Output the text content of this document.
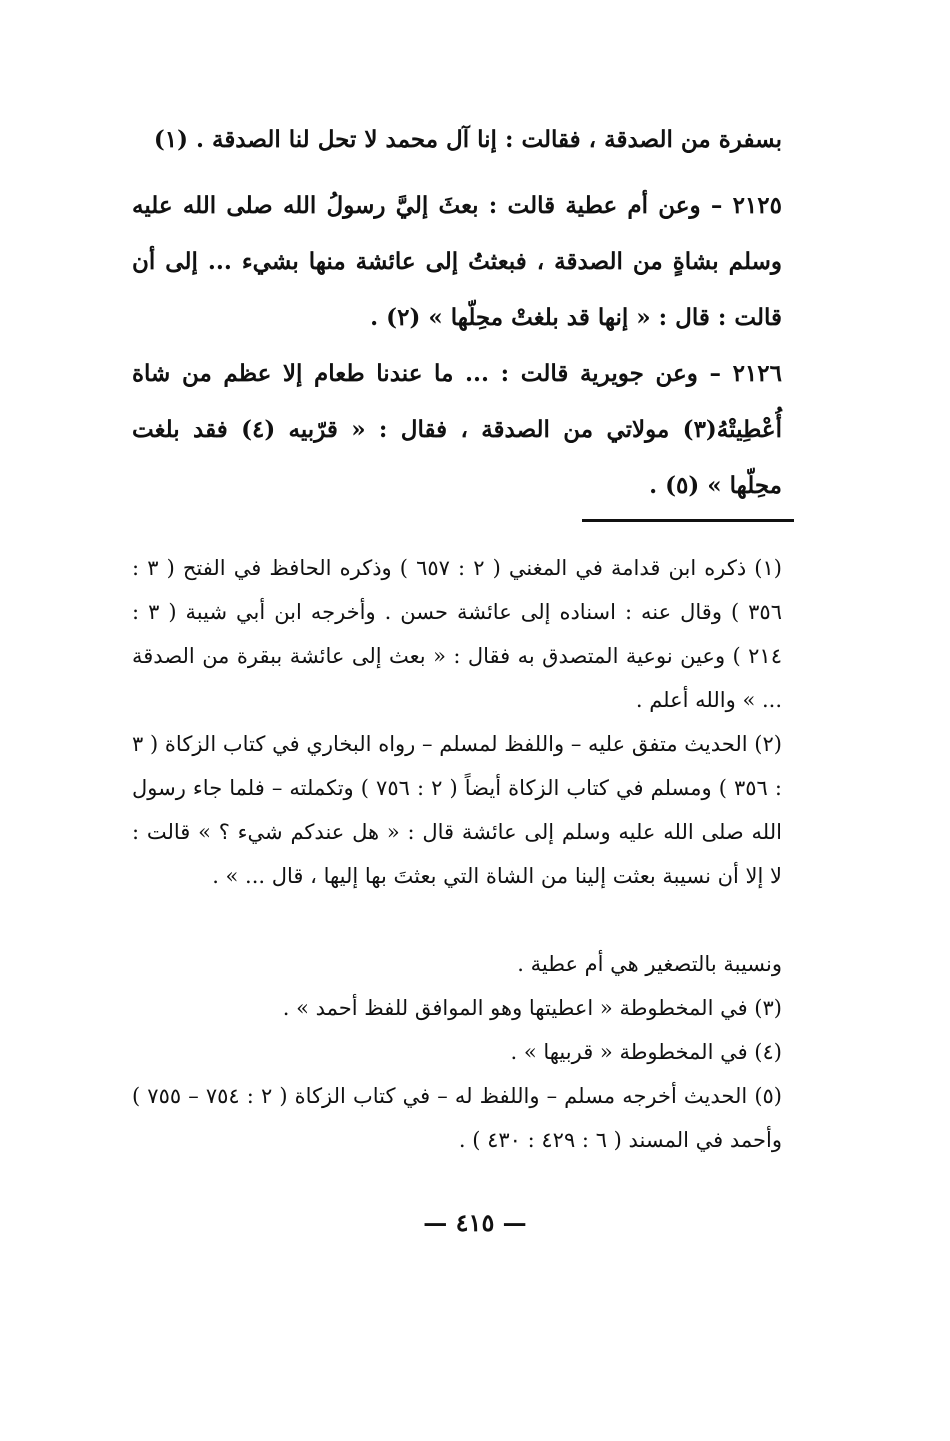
بسفرة من الصدقة ، فقالت : إنا آل محمد لا تحل لنا الصدقة . (١)

٢١٢٥ – وعن أم عطية قالت : بعثَ إليَّ رسولُ الله صلى الله عليه وسلم بشاةٍ من الصدقة ، فبعثتُ إلى عائشة منها بشيء ... إلى أن قالت : قال : « إنها قد بلغتْ محِلّها » (٢) .

٢١٢٦ – وعن جويرية قالت : ... ما عندنا طعام إلا عظم من شاة أُعْطِيتْهُ(٣) مولاتي من الصدقة ، فقال : « قرّبيه (٤) فقد بلغت محِلّها » (٥) .

(١) ذكره ابن قدامة في المغني ( ٢ : ٦٥٧ ) وذكره الحافظ في الفتح ( ٣ : ٣٥٦ ) وقال عنه : اسناده إلى عائشة حسن . وأخرجه ابن أبي شيبة ( ٣ : ٢١٤ ) وعين نوعية المتصدق به فقال : « بعث إلى عائشة ببقرة من الصدقة ... » والله أعلم .

(٢) الحديث متفق عليه – واللفظ لمسلم – رواه البخاري في كتاب الزكاة ( ٣ : ٣٥٦ ) ومسلم في كتاب الزكاة أيضاً ( ٢ : ٧٥٦ ) وتكملته – فلما جاء رسول الله صلى الله عليه وسلم إلى عائشة قال : « هل عندكم شيء ؟ » قالت : لا إلا أن نسيبة بعثت إلينا من الشاة التي بعثتَ بها إليها ، قال ... » .

ونسيبة بالتصغير هي أم عطية .

(٣) في المخطوطة « اعطيتها وهو الموافق للفظ أحمد » .

(٤) في المخطوطة « قربيها » .

(٥) الحديث أخرجه مسلم – واللفظ له – في كتاب الزكاة ( ٢ : ٧٥٤ – ٧٥٥ ) وأحمد في المسند ( ٦ : ٤٢٩ : ٤٣٠ ) .

— ٤١٥ —
